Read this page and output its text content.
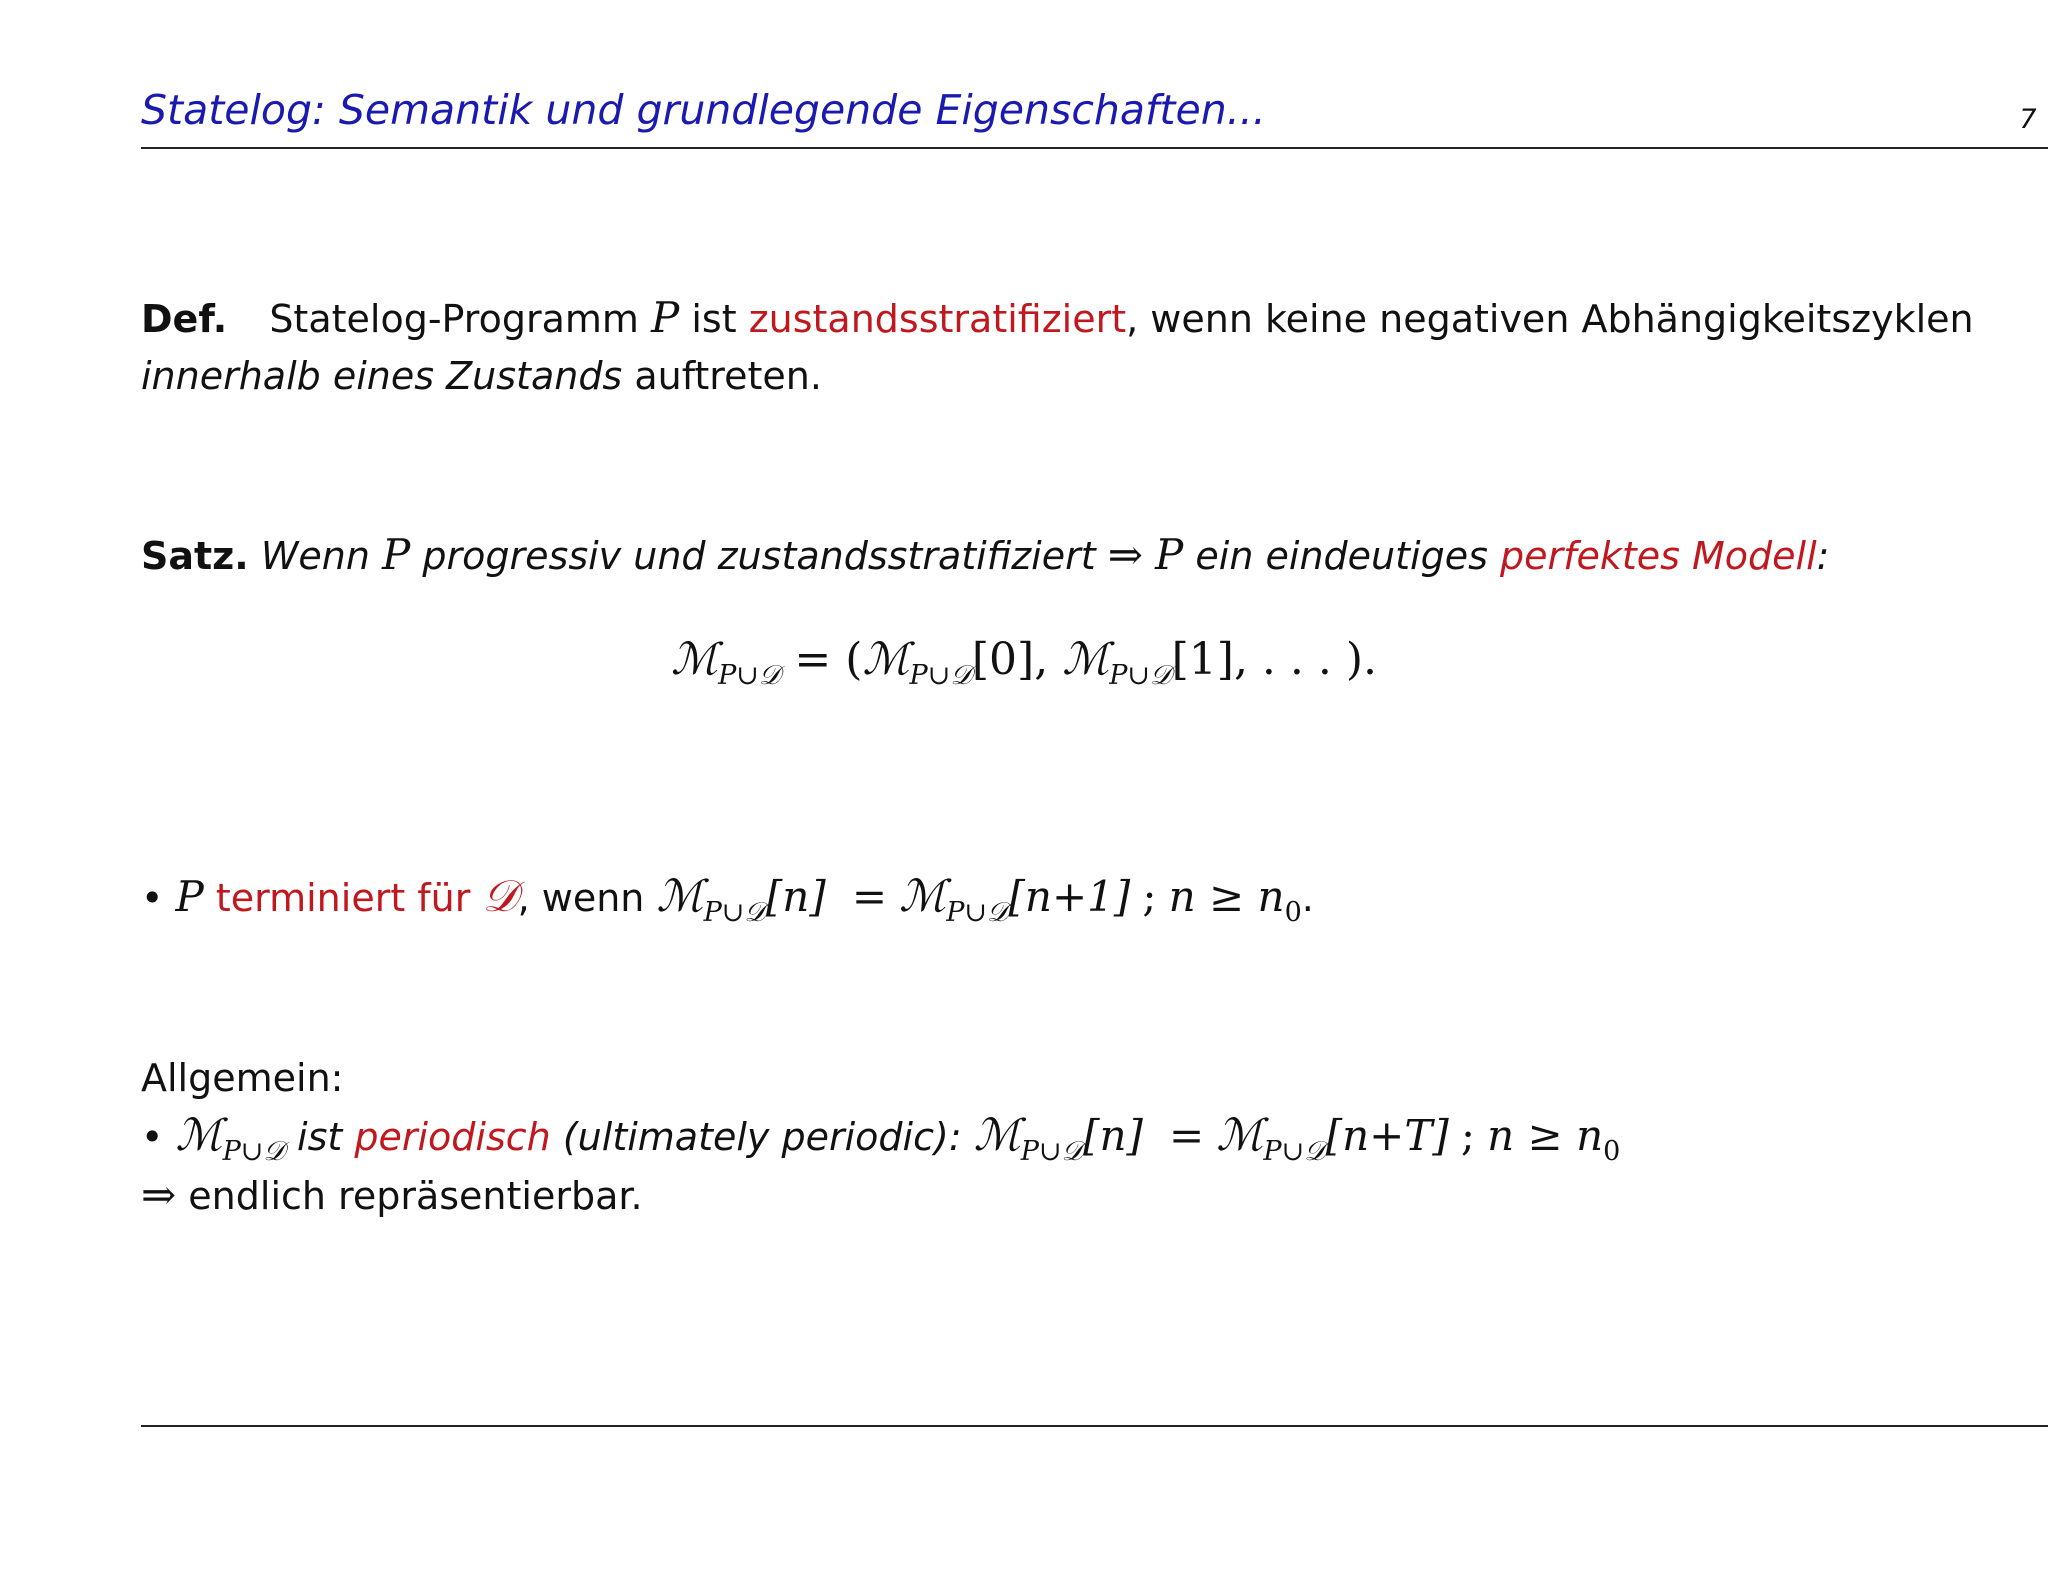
Statelog: Semantik und grundlegende Eigenschaften...	7
Def. Statelog-Programm P ist zustandsstratifiziert, wenn keine negativen Abhängigkeitszyklen
innerhalb eines Zustands auftreten.
Satz. Wenn P progressiv und zustandsstratifiziert ⇒ P ein eindeutiges perfektes Modell:
ℳ$_{P\cup 𝒟}$ = (ℳ$_{P\cup 𝒟}$[0], ℳ$_{P\cup 𝒟}$[1], . . . ).
• P terminiert für 𝒟, wenn ℳ$_{P\cup 𝒟}$[n] = ℳ$_{P\cup 𝒟}$[n+1] ; $n \ge n_0$.
Allgemein:
• ℳ$_{P\cup 𝒟}$ ist periodisch (ultimately periodic): ℳ$_{P\cup 𝒟}$[n] = ℳ$_{P\cup 𝒟}$[n+T] ; $n \ge n_0$
⇒ endlich repräsentierbar.
